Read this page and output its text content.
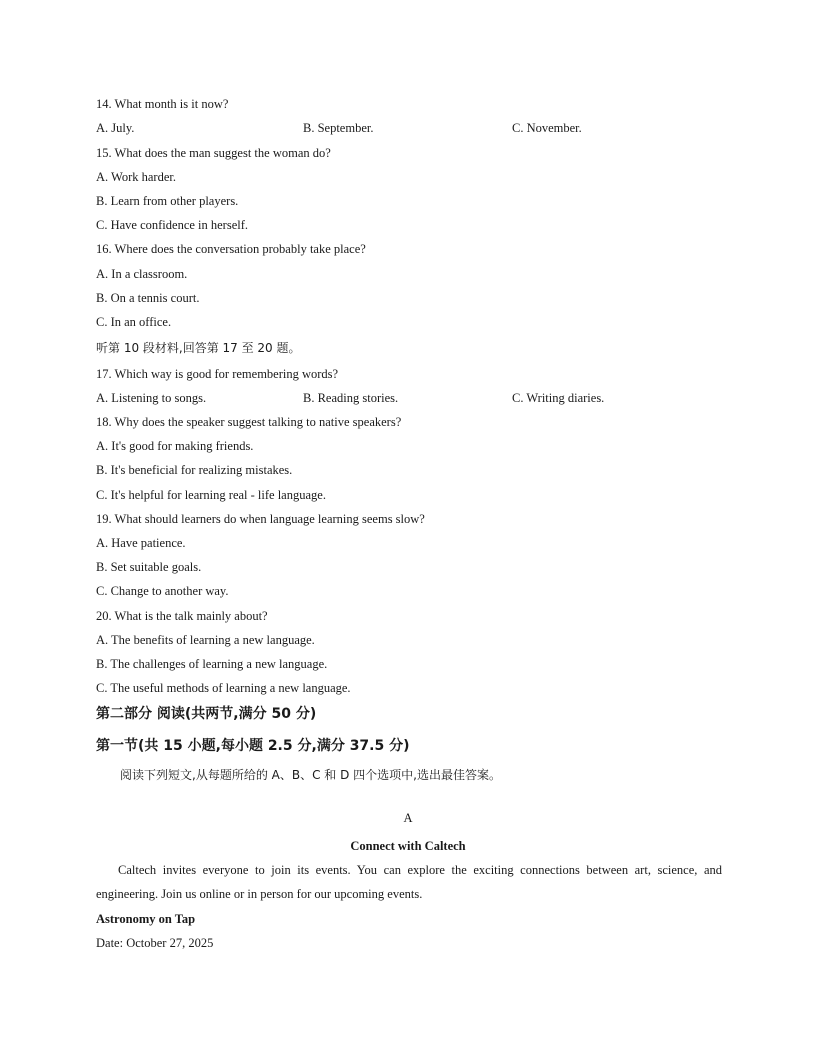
14. What month is it now?
A. July.	B. September.	C. November.
15. What does the man suggest the woman do?
A. Work harder.
B. Learn from other players.
C. Have confidence in herself.
16. Where does the conversation probably take place?
A. In a classroom.
B. On a tennis court.
C. In an office.
听第 10 段材料,回答第 17 至 20 题。
17. Which way is good for remembering words?
A. Listening to songs.	B. Reading stories.	C. Writing diaries.
18. Why does the speaker suggest talking to native speakers?
A. It's good for making friends.
B. It's beneficial for realizing mistakes.
C. It's helpful for learning real - life language.
19. What should learners do when language learning seems slow?
A. Have patience.
B. Set suitable goals.
C. Change to another way.
20. What is the talk mainly about?
A. The benefits of learning a new language.
B. The challenges of learning a new language.
C. The useful methods of learning a new language.
第二部分 阅读(共两节,满分 50 分)
第一节(共 15 小题,每小题 2.5 分,满分 37.5 分)
阅读下列短文,从每题所给的 A、B、C 和 D 四个选项中,选出最佳答案。
A
Connect with Caltech
Caltech invites everyone to join its events. You can explore the exciting connections between art, science, and engineering. Join us online or in person for our upcoming events.
Astronomy on Tap
Date: October 27, 2025
